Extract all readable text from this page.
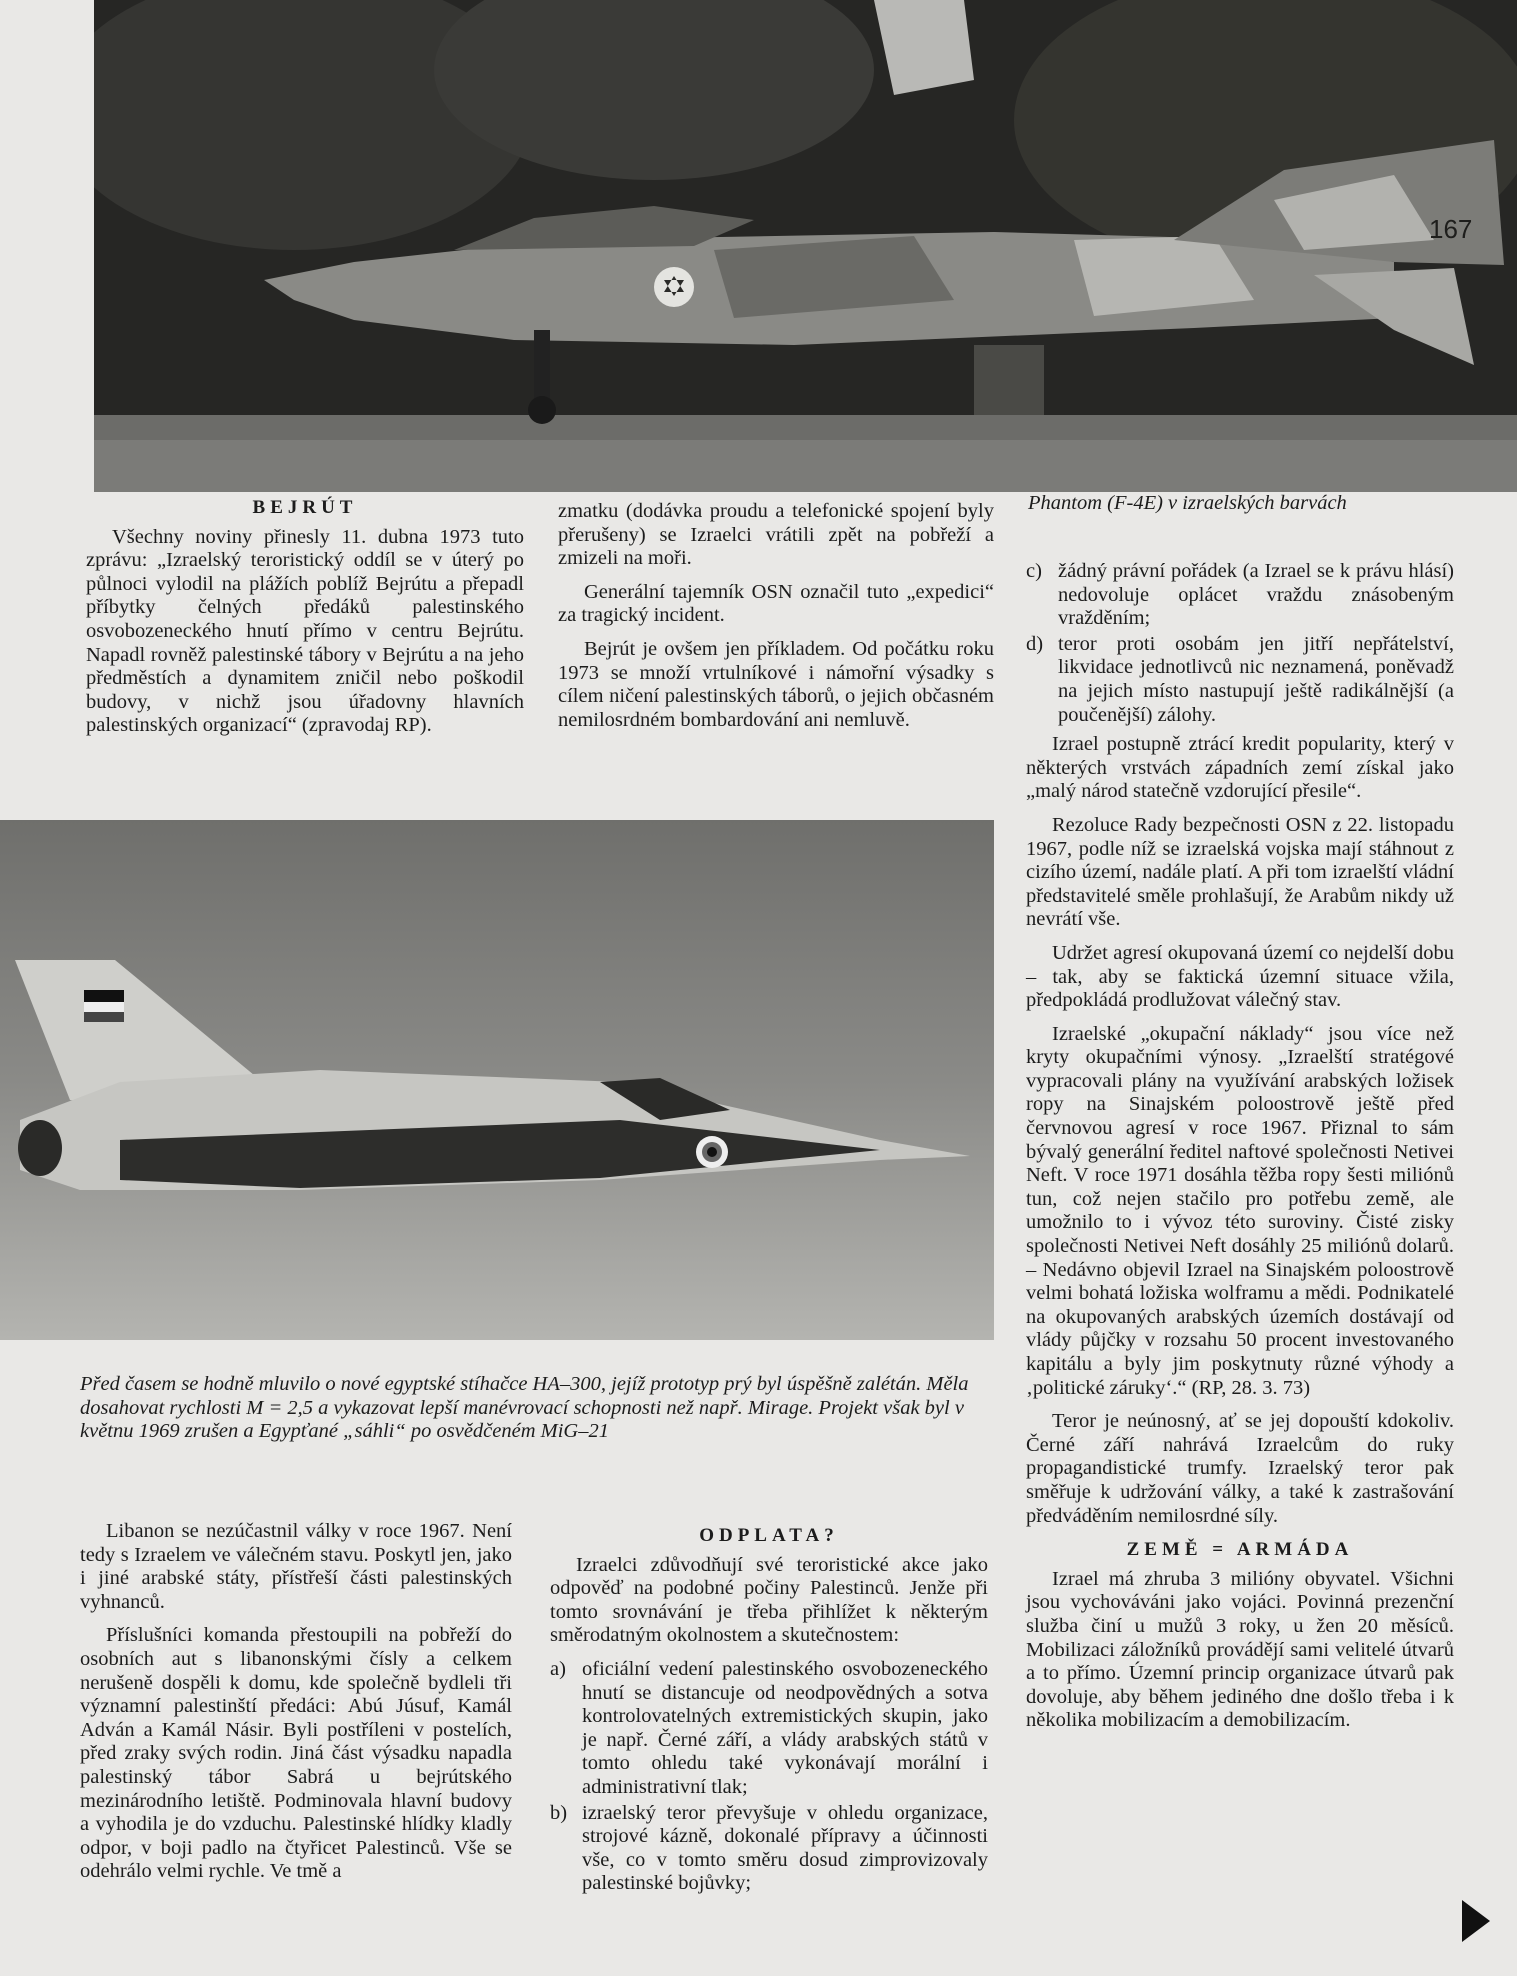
167
Phantom (F-4E) v izraelských barvách
BEJRÚT

Všechny noviny přinesly 11. dubna 1973 tuto zprávu: „Izraelský teroristický oddíl se v úterý po půlnoci vylodil na plážích poblíž Bejrútu a přepadl příbytky čelných předáků palestinského osvobozeneckého hnutí přímo v centru Bejrútu. Napadl rovněž palestinské tábory v Bejrútu a na jeho předměstích a dynamitem zničil nebo poškodil budovy, v nichž jsou úřadovny hlavních palestinských organizací“ (zpravodaj RP).

zmatku (dodávka proudu a telefonické spojení byly přerušeny) se Izraelci vrátili zpět na pobřeží a zmizeli na moři.

Generální tajemník OSN označil tuto „expedici“ za tragický incident.

Bejrút je ovšem jen příkladem. Od počátku roku 1973 se množí vrtulníkové i námořní výsadky s cílem ničení palestinských táborů, o jejich občasném nemilosrdném bombardování ani nemluvě.

Před časem se hodně mluvilo o nové egyptské stíhačce HA–300, jejíž prototyp prý byl úspěšně zalétán. Měla dosahovat rychlosti M = 2,5 a vykazovat lepší manévrovací schopnosti než např. Mirage. Projekt však byl v květnu 1969 zrušen a Egypťané „sáhli“ po osvědčeném MiG–21
c) žádný právní pořádek (a Izrael se k právu hlásí) nedovoluje oplácet vraždu znásobeným vražděním;
d) teror proti osobám jen jitří nepřátelství, likvidace jednotlivců nic neznamená, poněvadž na jejich místo nastupují ještě radikálnější (a poučenější) zálohy.

Izrael postupně ztrácí kredit popularity, který v některých vrstvách západních zemí získal jako „malý národ statečně vzdorující přesile“.

Rezoluce Rady bezpečnosti OSN z 22. listopadu 1967, podle níž se izraelská vojska mají stáhnout z cizího území, nadále platí. A při tom izraelští vládní představitelé směle prohlašují, že Arabům nikdy už nevrátí vše.

Udržet agresí okupovaná území co nejdelší dobu – tak, aby se faktická územní situace vžila, předpokládá prodlužovat válečný stav.

Izraelské „okupační náklady“ jsou více než kryty okupačními výnosy. „Izraelští stratégové vypracovali plány na využívání arabských ložisek ropy na Sinajském poloostrově ještě před červnovou agresí v roce 1967. Přiznal to sám bývalý generální ředitel naftové společnosti Netivei Neft. V roce 1971 dosáhla těžba ropy šesti miliónů tun, což nejen stačilo pro potřebu země, ale umožnilo to i vývoz této suroviny. Čisté zisky společnosti Netivei Neft dosáhly 25 miliónů dolarů. – Nedávno objevil Izrael na Sinajském poloostrově velmi bohatá ložiska wolframu a mědi. Podnikatelé na okupovaných arabských územích dostávají od vlády půjčky v rozsahu 50 procent investovaného kapitálu a byly jim poskytnuty různé výhody a ‚politické záruky‘.“ (RP, 28. 3. 73)

Teror je neúnosný, ať se jej dopouští kdokoliv. Černé září nahrává Izraelcům do ruky propagandistické trumfy. Izraelský teror pak směřuje k udržování války, a také k zastrašování předváděním nemilosrdné síly.

ZEMĚ = ARMÁDA

Izrael má zhruba 3 milióny obyvatel. Všichni jsou vychováváni jako vojáci. Povinná prezenční služba činí u mužů 3 roky, u žen 20 měsíců. Mobilizaci záložníků provádějí sami velitelé útvarů a to přímo. Územní princip organizace útvarů pak dovoluje, aby během jediného dne došlo třeba i k několika mobilizacím a demobilizacím.

Libanon se nezúčastnil války v roce 1967. Není tedy s Izraelem ve válečném stavu. Poskytl jen, jako i jiné arabské státy, přístřeší části palestinských vyhnanců.

Příslušníci komanda přestoupili na pobřeží do osobních aut s libanonskými čísly a celkem nerušeně dospěli k domu, kde společně bydleli tři významní palestinští předáci: Abú Júsuf, Kamál Adván a Kamál Násir. Byli postříleni v postelích, před zraky svých rodin. Jiná část výsadku napadla palestinský tábor Sabrá u bejrútského mezinárodního letiště. Podminovala hlavní budovy a vyhodila je do vzduchu. Palestinské hlídky kladly odpor, v boji padlo na čtyřicet Palestinců. Vše se odehrálo velmi rychle. Ve tmě a

ODPLATA?

Izraelci zdůvodňují své teroristické akce jako odpověď na podobné počiny Palestinců. Jenže při tomto srovnávání je třeba přihlížet k některým směrodatným okolnostem a skutečnostem:

a) oficiální vedení palestinského osvobozeneckého hnutí se distancuje od neodpovědných a sotva kontrolovatelných extremistických skupin, jako je např. Černé září, a vlády arabských států v tomto ohledu také vykonávají morální i administrativní tlak;
b) izraelský teror převyšuje v ohledu organizace, strojové kázně, dokonalé přípravy a účinnosti vše, co v tomto směru dosud zimprovizovaly palestinské bojůvky;
